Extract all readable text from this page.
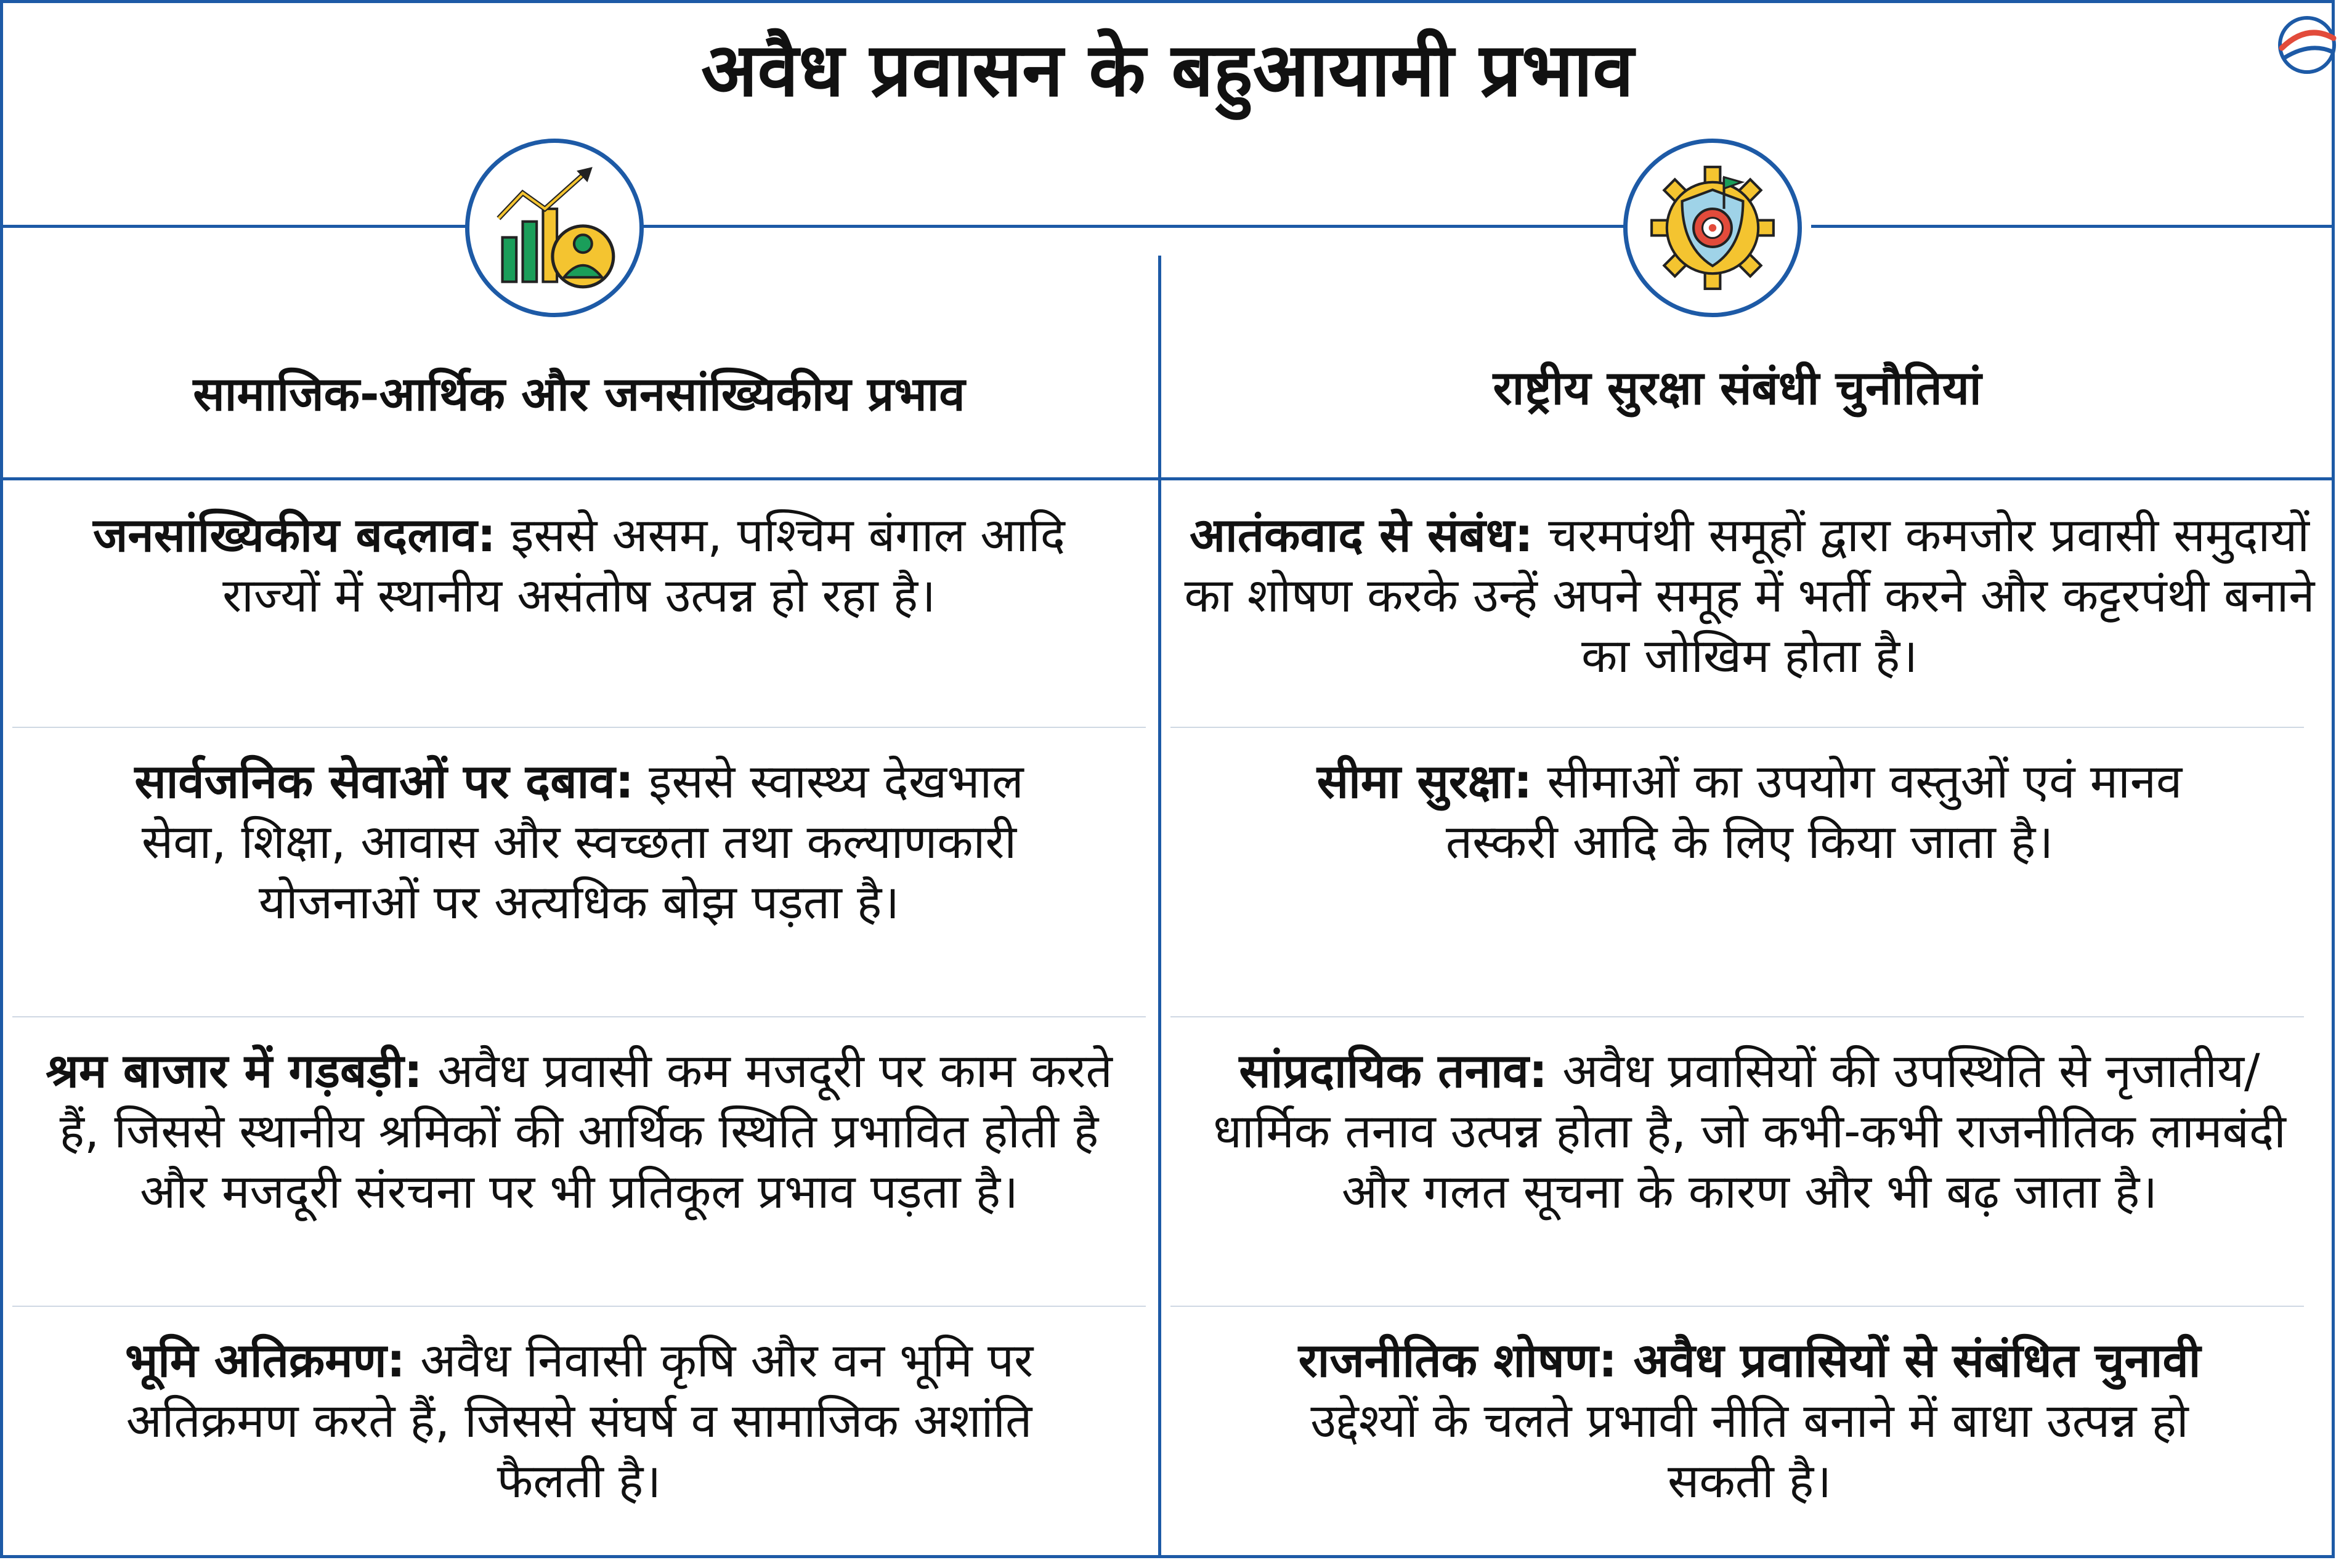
अवैध प्रवासन के बहुआयामी प्रभाव
सामाजिक-आर्थिक और जनसांख्यिकीय प्रभाव	राष्ट्रीय सुरक्षा संबंधी चुनौतियां
जनसांख्यिकीय बदलाव: इससे असम, पश्चिम बंगाल आदि राज्यों में स्थानीय असंतोष उत्पन्न हो रहा है।
सार्वजनिक सेवाओं पर दबाव: इससे स्वास्थ्य देखभाल सेवा, शिक्षा, आवास और स्वच्छता तथा कल्याणकारी योजनाओं पर अत्यधिक बोझ पड़ता है।
श्रम बाजार में गड़बड़ी: अवैध प्रवासी कम मजदूरी पर काम करते हैं, जिससे स्थानीय श्रमिकों की आर्थिक स्थिति प्रभावित होती है और मजदूरी संरचना पर भी प्रतिकूल प्रभाव पड़ता है।
भूमि अतिक्रमण: अवैध निवासी कृषि और वन भूमि पर अतिक्रमण करते हैं, जिससे संघर्ष व सामाजिक अशांति फैलती है।
आतंकवाद से संबंध: चरमपंथी समूहों द्वारा कमजोर प्रवासी समुदायों का शोषण करके उन्हें अपने समूह में भर्ती करने और कट्टरपंथी बनाने का जोखिम होता है।
सीमा सुरक्षा: सीमाओं का उपयोग वस्तुओं एवं मानव तस्करी आदि के लिए किया जाता है।
सांप्रदायिक तनाव: अवैध प्रवासियों की उपस्थिति से नृजातीय/ धार्मिक तनाव उत्पन्न होता है, जो कभी-कभी राजनीतिक लामबंदी और गलत सूचना के कारण और भी बढ़ जाता है।
राजनीतिक शोषण: अवैध प्रवासियों से संबंधित चुनावी उद्देश्यों के चलते प्रभावी नीति बनाने में बाधा उत्पन्न हो सकती है।
